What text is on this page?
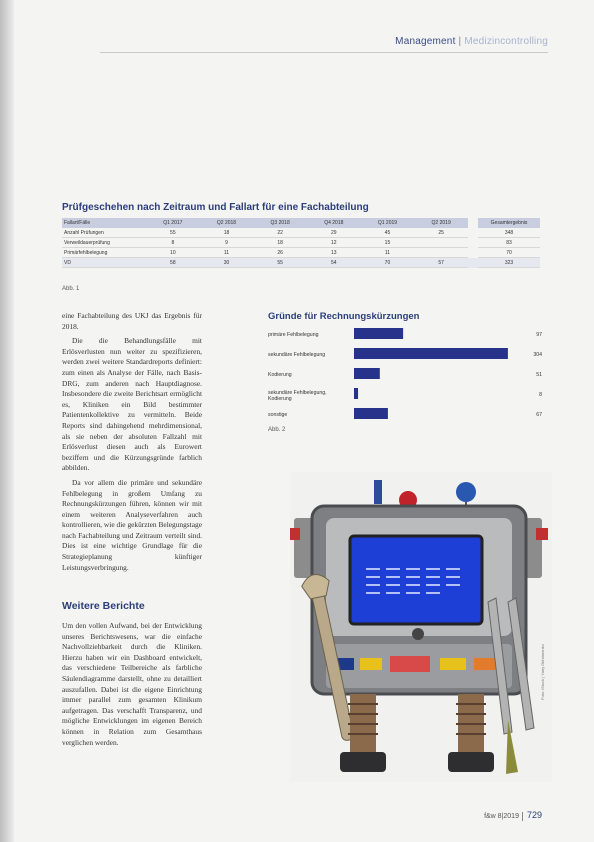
Management | Medizincontrolling
Prüfgeschehen nach Zeitraum und Fallart für eine Fachabteilung
Fallart/Fälle	Q1 2017	Q2 2018	Q3 2018	Q4 2018	Q1 2019	Q2 2019		Gesamtergebnis
Anzahl Prüfungen	55	18	22	29	45	25		348
Verweildauerprüfung	8	9	18	12	15			83
Primärfehlbelegung	10	11	26	13	11			70
VD	58	30	55	54	70	57		323
Abb. 1

eine Fachabteilung des UKJ das Ergebnis für 2018.

Die die Behandlungsfälle mit Erlösverlusten nun weiter zu spezifizieren, werden zwei weitere Standardreports definiert: zum einen als Analyse der Fälle, nach Basis-DRG, zum anderen nach Hauptdiagnose. Insbesondere die zweite Berichtsart ermöglicht es, Kliniken ein Bild bestimmter Patientenkollektive zu vermitteln. Beide Reports sind dahingehend mehrdimensional, als sie neben der absoluten Fallzahl mit Erlösverlust diesen auch als Eurowert beziffern und die Kürzungsgründe farblich abbilden.

Da vor allem die primäre und sekundäre Fehlbelegung in großem Umfang zu Rechnungskürzungen führen, können wir mit einem weiteren Analyseverfahren auch kontrollieren, wie die gekürzten Belegungstage nach Fachabteilung und Zeitraum verteilt sind. Dies ist eine wichtige Grundlage für die Strategieplanung künftiger Leistungsverbringung.

Weitere Berichte

Um den vollen Aufwand, bei der Entwicklung unseres Berichtswesens, war die einfache Nachvollziehbarkeit durch die Kliniken. Hierzu haben wir ein Dashboard entwickelt, das verschiedene Teilbereiche als farbliche Säulendiagramme darstellt, ohne zu detailliert auszufallen. Dabei ist die eigene Einrichtung immer parallel zum gesamten Klinikum aufgetragen. Das verschafft Transparenz, und mögliche Entwicklungen im eigenen Bereich können in Relation zum Gesamthaus verglichen werden.

Gründe für Rechnungskürzungen
primäre Fehlbelegung	97
sekundäre Fehlbelegung	304
Kodierung	51
sekundäre Fehlbelegung, Kodierung
8
sonstige	67
Abb. 2
Foto: iStock | Yuriy Okhrimenko
f&w 8|2019 729
